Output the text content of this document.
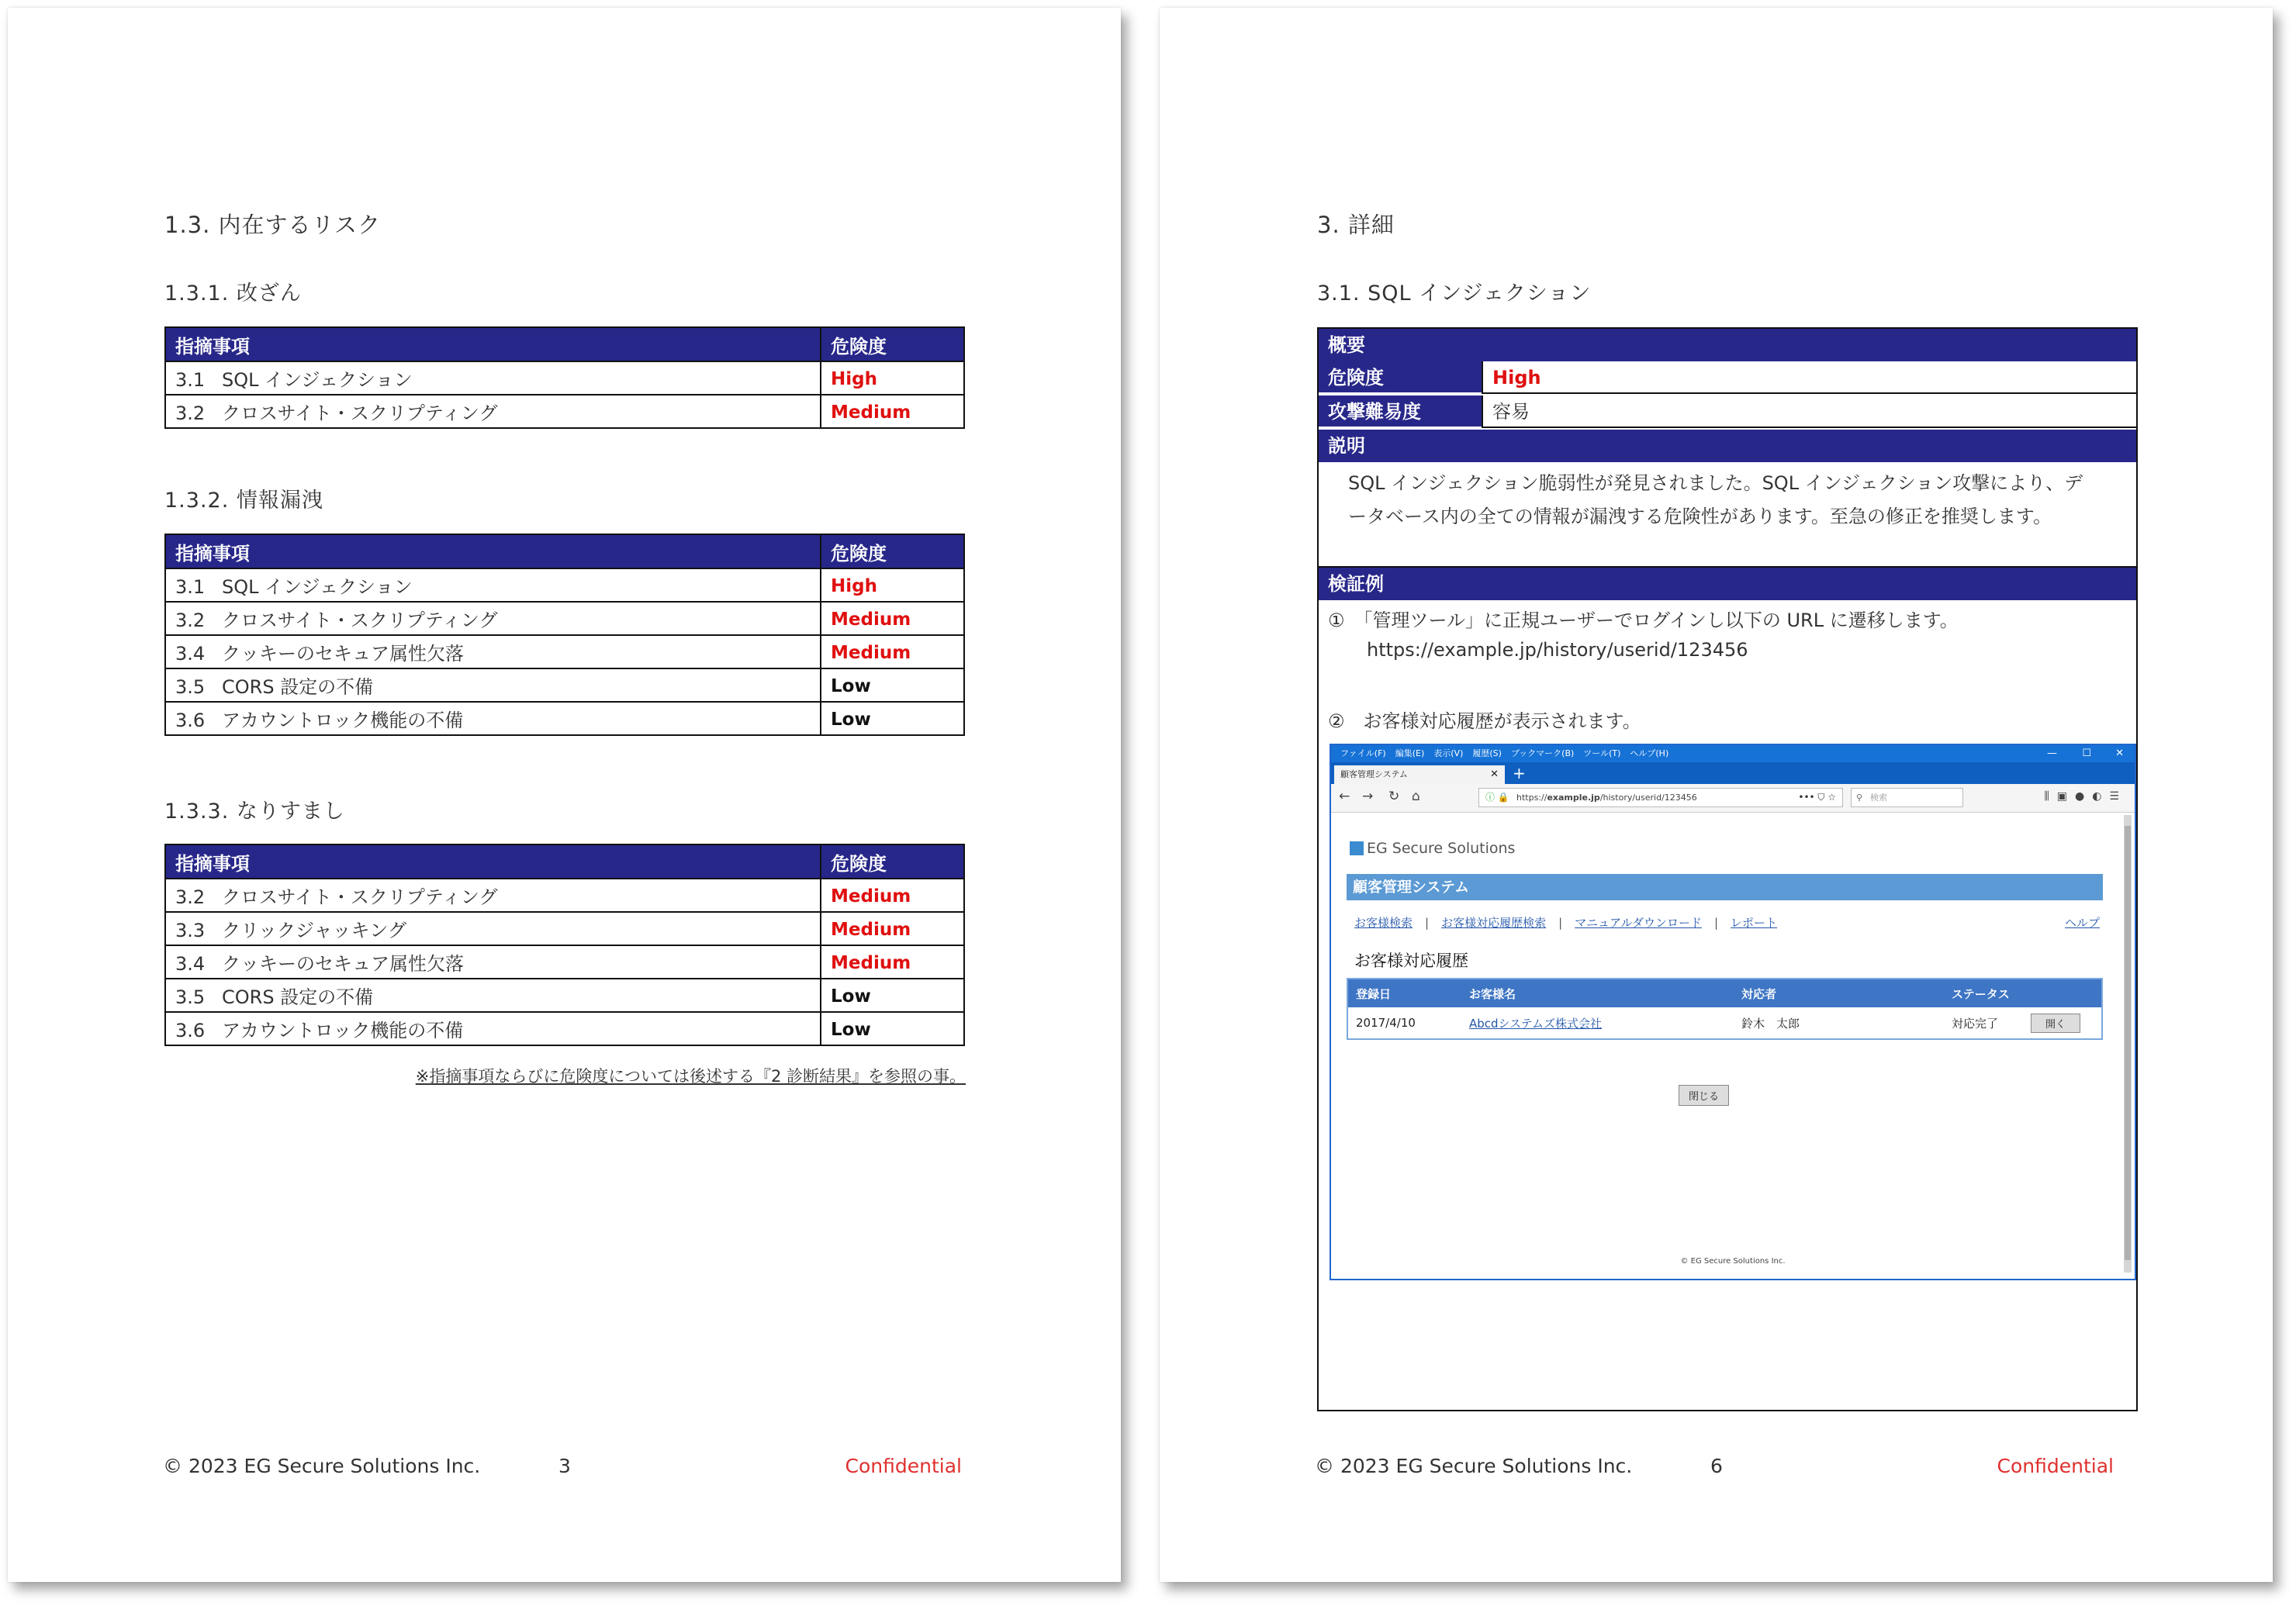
1.3. 内在するリスク
1.3.1. 改ざん
指摘事項	危険度
3.1 SQL インジェクション	High
3.2 クロスサイト・スクリプティング	Medium
1.3.2. 情報漏洩
指摘事項	危険度
3.1 SQL インジェクション	High
3.2 クロスサイト・スクリプティング	Medium
3.4 クッキーのセキュア属性欠落	Medium
3.5 CORS 設定の不備	Low
3.6 アカウントロック機能の不備	Low
1.3.3. なりすまし
指摘事項	危険度
3.2 クロスサイト・スクリプティング	Medium
3.3 クリックジャッキング	Medium
3.4 クッキーのセキュア属性欠落	Medium
3.5 CORS 設定の不備	Low
3.6 アカウントロック機能の不備	Low
※指摘事項ならびに危険度については後述する『2 診断結果』を参照の事。
© 2023 EG Secure Solutions Inc.	3	Confidential
3. 詳細
3.1. SQL インジェクション
概要
危険度	High
攻撃難易度	容易
説明
SQL インジェクション脆弱性が発見されました。SQL インジェクション攻撃により、デ
ータベース内の全ての情報が漏洩する危険性があります。至急の修正を推奨します。
検証例
①　「管理ツール」に正規ユーザーでログインし以下の URL に遷移します。
https://example.jp/history/userid/123456
②　お客様対応履歴が表示されます。
ファイル(F) 編集(E) 表示(V) 履歴(S) ブックマーク(B) ツール(T) ヘルプ(H)	— ☐ ✕
顧客管理システム	✕ +
← → ↻ ⌂	ⓘ 🔒 https://example.jp/history/userid/123456	••• ⛉ ☆ ⚲ 検索	⫼▣●◐☰
EG Secure Solutions
顧客管理システム
お客様検索 | お客様対応履歴検索 | マニュアルダウンロード | レポート	ヘルプ
お客様対応履歴
登録日	お客様名	対応者	ステータス	
2017/4/10	Abcdシステムズ株式会社	鈴木　太郎	対応完了	開く
閉じる
© EG Secure Solutions Inc.
© 2023 EG Secure Solutions Inc.	6	Confidential
